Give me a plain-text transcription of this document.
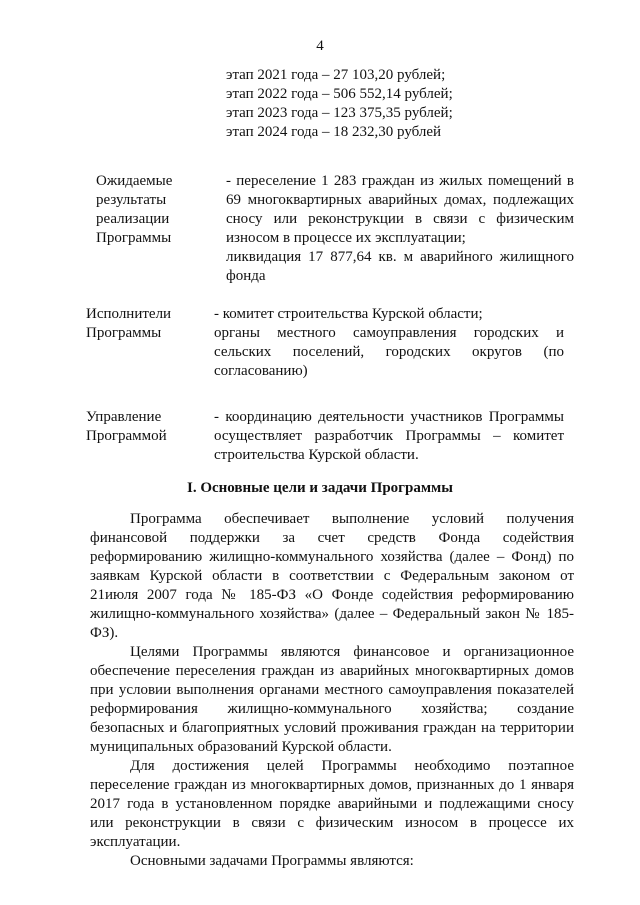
4
этап 2021 года – 27 103,20 рублей;
этап 2022 года – 506 552,14 рублей;
этап 2023 года – 123 375,35 рублей;
этап 2024 года – 18 232,30 рублей
Ожидаемые
результаты
реализации
Программы

- переселение 1 283 граждан из жилых помещений в 69 многоквартирных аварийных домах, подлежащих сносу или реконструкции в связи с физическим износом в процессе их эксплуатации;

ликвидация 17 877,64 кв. м аварийного жилищного фонда

Исполнители
Программы

- комитет строительства Курской области;

органы местного самоуправления городских и сельских поселений, городских округов (по согласованию)

Управление
Программой

- координацию деятельности участников Программы осуществляет разработчик Программы – комитет строительства Курской области.

I. Основные цели и задачи Программы

Программа обеспечивает выполнение условий получения финансовой поддержки за счет средств Фонда содействия реформированию жилищно-коммунального хозяйства (далее – Фонд) по заявкам Курской области в соответствии с Федеральным законом от 21июля 2007 года № 185-ФЗ «О Фонде содействия реформированию жилищно-коммунального хозяйства» (далее – Федеральный закон № 185-ФЗ).

Целями Программы являются финансовое и организационное обеспечение переселения граждан из аварийных многоквартирных домов при условии выполнения органами местного самоуправления показателей реформирования жилищно-коммунального хозяйства; создание безопасных и благоприятных условий проживания граждан на территории муниципальных образований Курской области.

Для достижения целей Программы необходимо поэтапное переселение граждан из многоквартирных домов, признанных до 1 января 2017 года в установленном порядке аварийными и подлежащими сносу или реконструкции в связи с физическим износом в процессе их эксплуатации.

Основными задачами Программы являются:
